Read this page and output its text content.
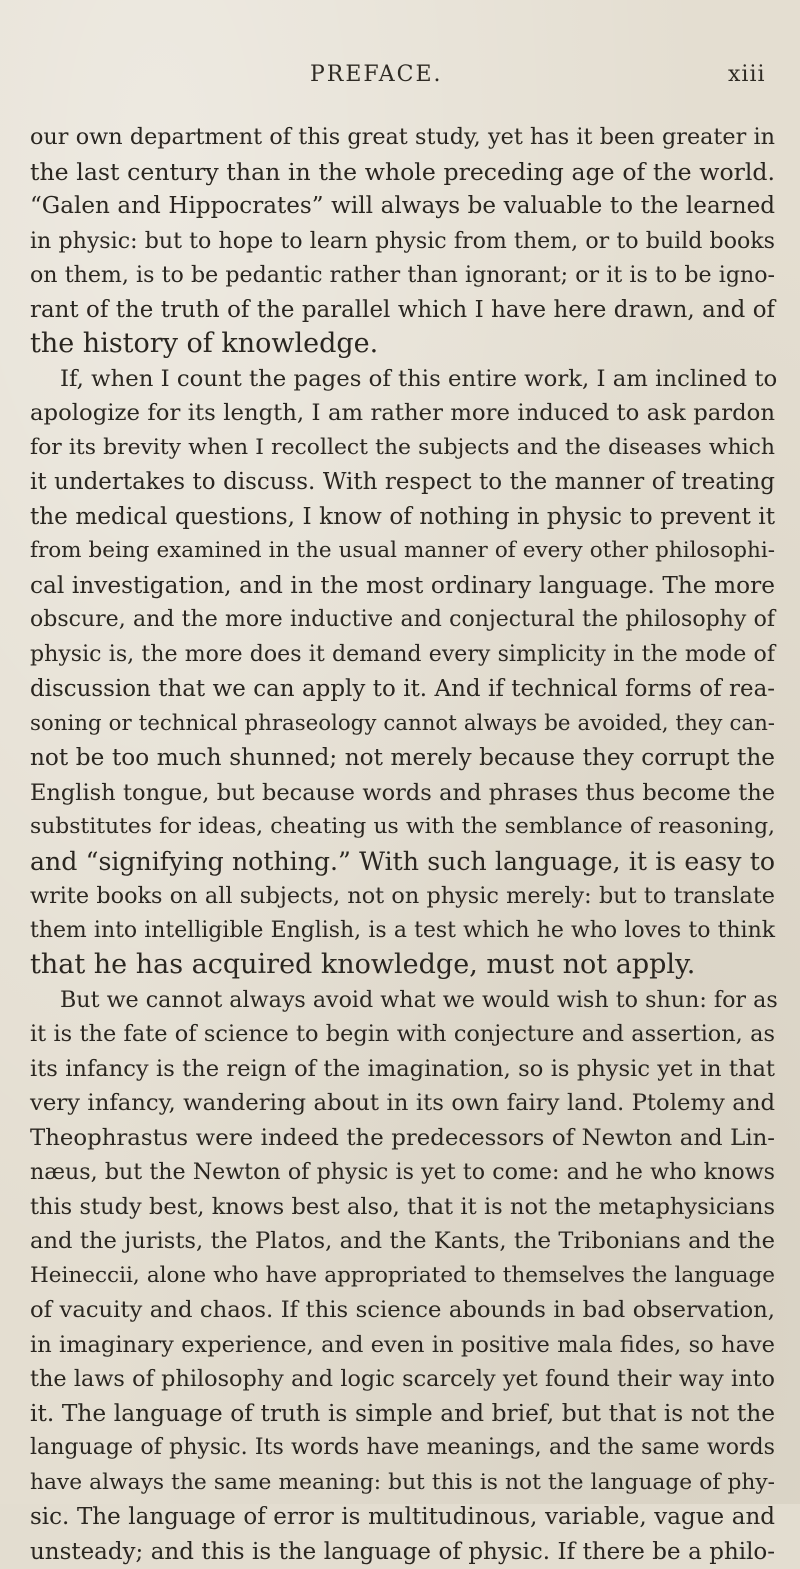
PREFACE.	xiii
our own department of this great study, yet has it been greater in
the last century than in the whole preceding age of the world.
“Galen and Hippocrates” will always be valuable to the learned
in physic: but to hope to learn physic from them, or to build books
on them, is to be pedantic rather than ignorant; or it is to be igno-
rant of the truth of the parallel which I have here drawn, and of
the history of knowledge.
If, when I count the pages of this entire work, I am inclined to
apologize for its length, I am rather more induced to ask pardon
for its brevity when I recollect the subjects and the diseases which
it undertakes to discuss. With respect to the manner of treating
the medical questions, I know of nothing in physic to prevent it
from being examined in the usual manner of every other philosophi-
cal investigation, and in the most ordinary language. The more
obscure, and the more inductive and conjectural the philosophy of
physic is, the more does it demand every simplicity in the mode of
discussion that we can apply to it. And if technical forms of rea-
soning or technical phraseology cannot always be avoided, they can-
not be too much shunned; not merely because they corrupt the
English tongue, but because words and phrases thus become the
substitutes for ideas, cheating us with the semblance of reasoning,
and “signifying nothing.” With such language, it is easy to
write books on all subjects, not on physic merely: but to translate
them into intelligible English, is a test which he who loves to think
that he has acquired knowledge, must not apply.
But we cannot always avoid what we would wish to shun: for as
it is the fate of science to begin with conjecture and assertion, as
its infancy is the reign of the imagination, so is physic yet in that
very infancy, wandering about in its own fairy land. Ptolemy and
Theophrastus were indeed the predecessors of Newton and Lin-
næus, but the Newton of physic is yet to come: and he who knows
this study best, knows best also, that it is not the metaphysicians
and the jurists, the Platos, and the Kants, the Tribonians and the
Heineccii, alone who have appropriated to themselves the language
of vacuity and chaos. If this science abounds in bad observation,
in imaginary experience, and even in positive mala fides, so have
the laws of philosophy and logic scarcely yet found their way into
it. The language of truth is simple and brief, but that is not the
language of physic. Its words have meanings, and the same words
have always the same meaning: but this is not the language of phy-
sic. The language of error is multitudinous, variable, vague and
unsteady; and this is the language of physic. If there be a philo-
